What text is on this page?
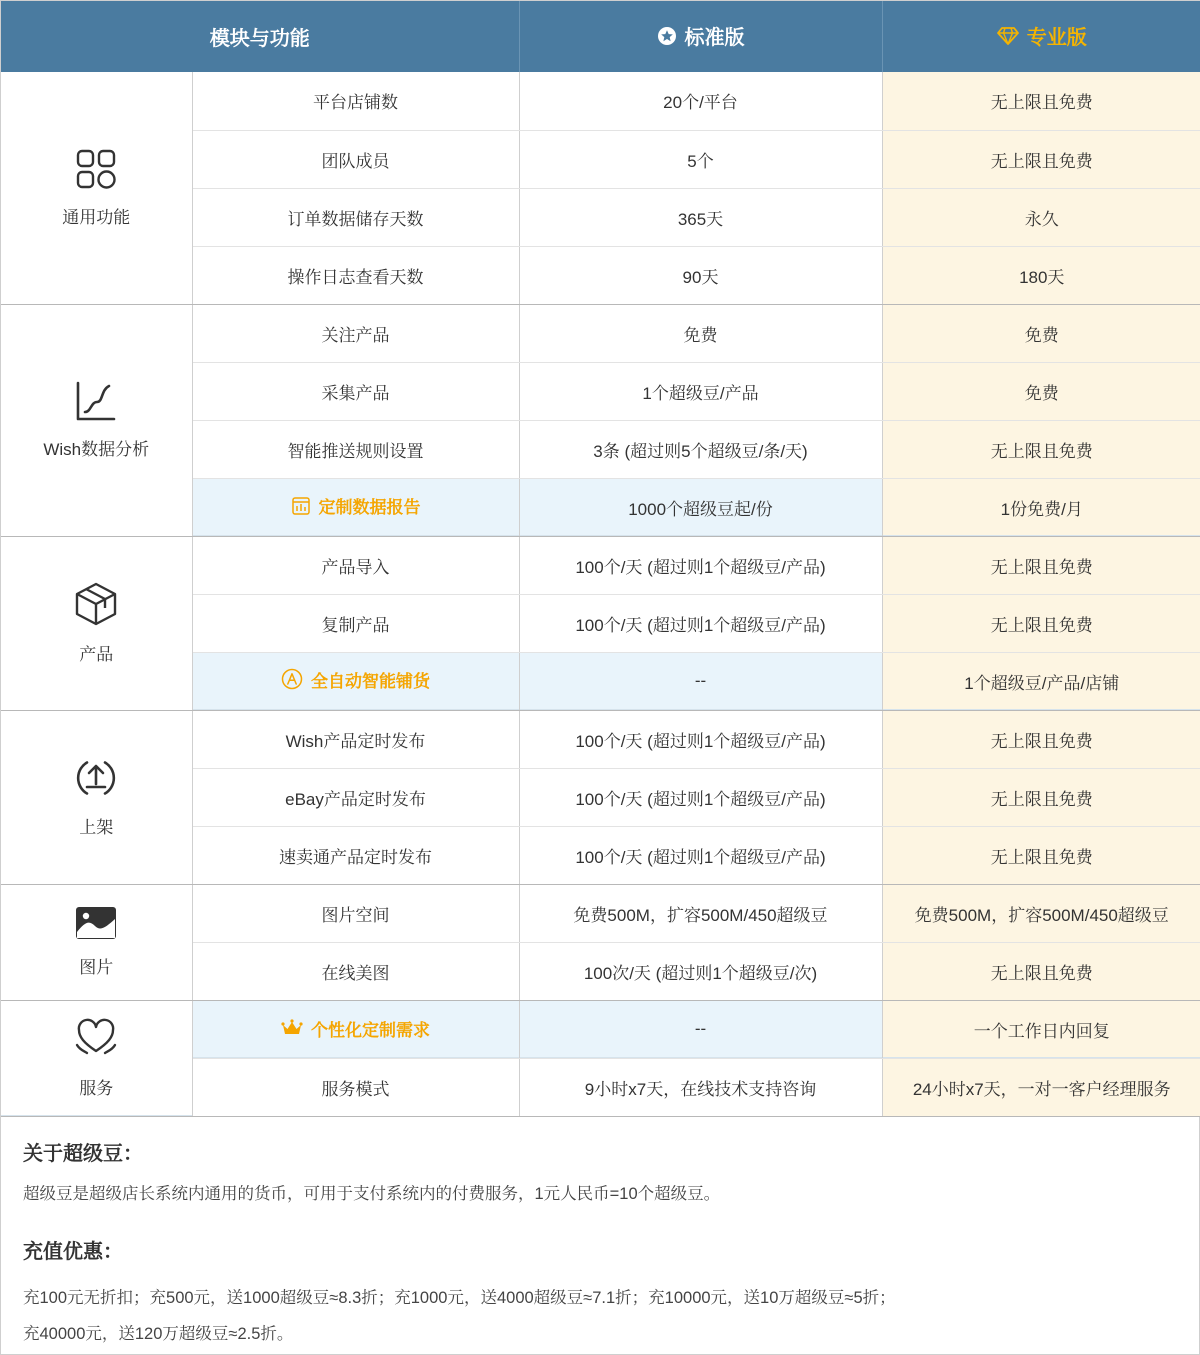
模块与功能		标准版	专业版

通用功能	平台店铺数	20个/平台	无上限且免费
	团队成员	5个	无上限且免费
	订单数据储存天数	365天	永久
	操作日志查看天数	90天	180天

Wish数据分析	关注产品	免费	免费
	采集产品	1个超级豆/产品	免费
	智能推送规则设置	3条 (超过则5个超级豆/条/天)	无上限且免费

	定制数据报告	1000个超级豆起/份	1份免费/月

产品	产品导入	100个/天 (超过则1个超级豆/产品)	无上限且免费
	复制产品	100个/天 (超过则1个超级豆/产品)	无上限且免费

	全自动智能铺货	--	1个超级豆/产品/店铺

上架	Wish产品定时发布	100个/天 (超过则1个超级豆/产品)	无上限且免费
	eBay产品定时发布	100个/天 (超过则1个超级豆/产品)	无上限且免费
	速卖通产品定时发布	100个/天 (超过则1个超级豆/产品)	无上限且免费

图片	图片空间	免费500M，扩容500M/450超级豆	免费500M，扩容500M/450超级豆
	在线美图	100次/天 (超过则1个超级豆/次)	无上限且免费

服务	个性化定制需求	--	一个工作日内回复
	服务模式	9小时x7天，在线技术支持咨询	24小时x7天，一对一客户经理服务
关于超级豆：

超级豆是超级店长系统内通用的货币，可用于支付系统内的付费服务，1元人民币=10个超级豆。

充值优惠：

充100元无折扣；充500元，送1000超级豆≈8.3折；充1000元，送4000超级豆≈7.1折；充10000元，送10万超级豆≈5折；

充40000元，送120万超级豆≈2.5折。
